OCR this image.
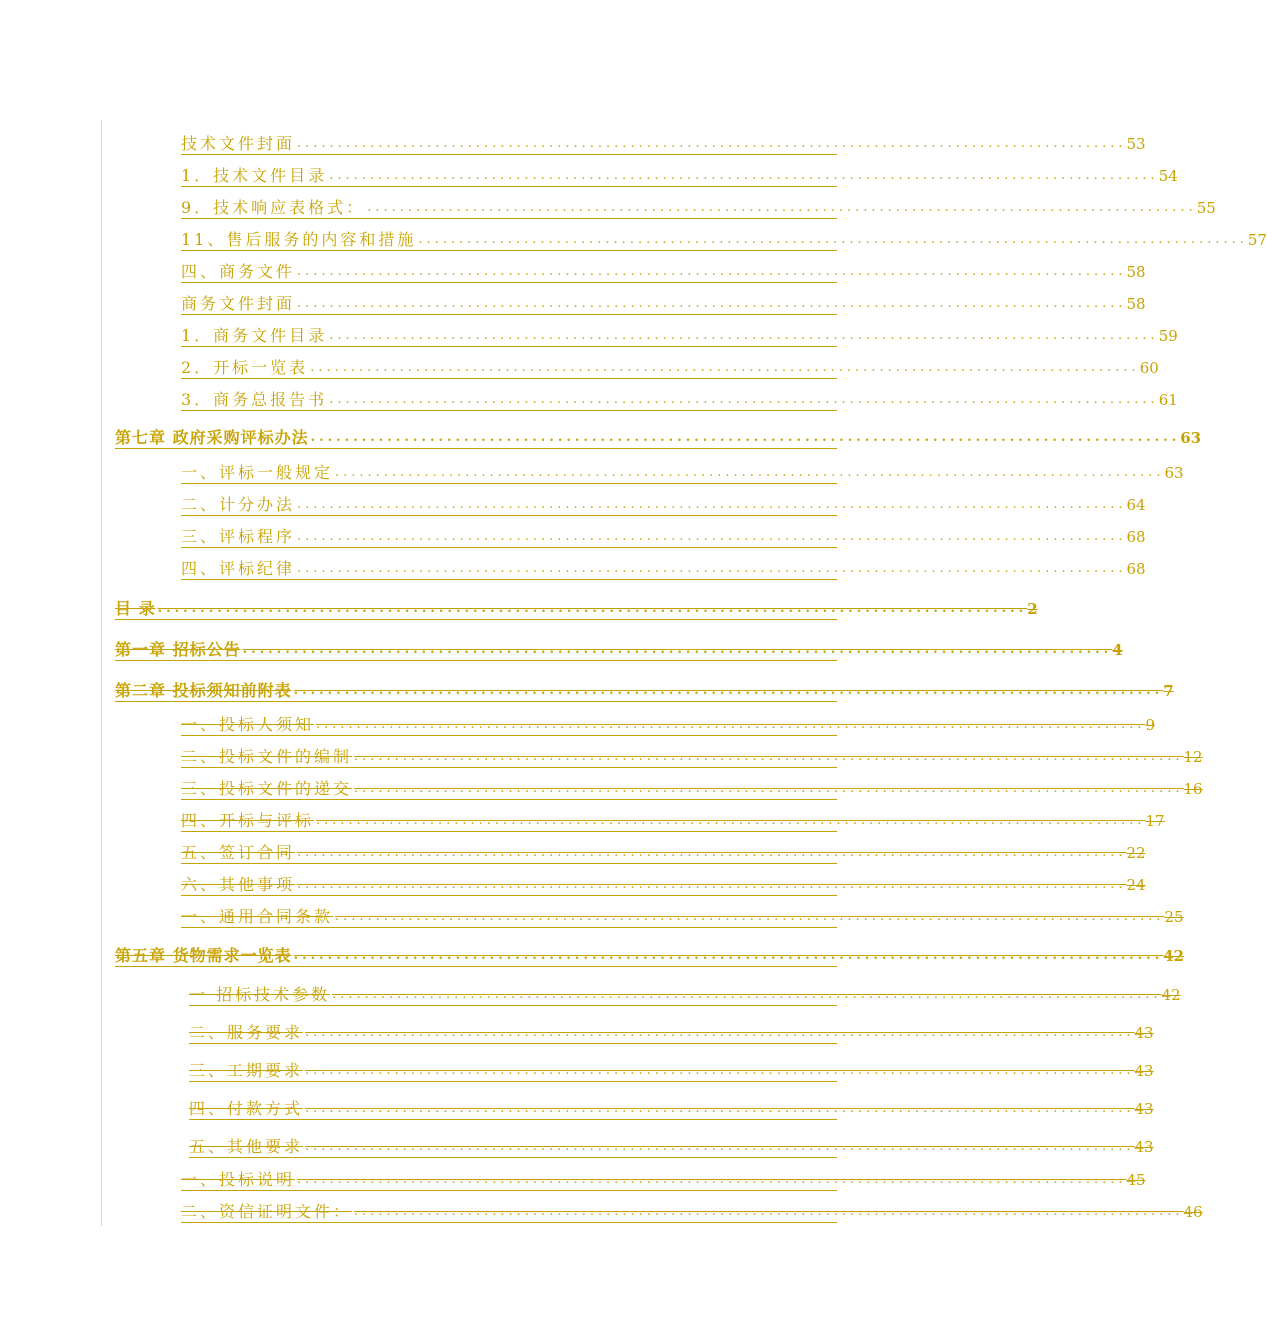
技术文件封面 ...................................................................................................... 53
1．技术文件目录 ...................................................................................................... 54
9．技术响应表格式： ...................................................................................................... 55
11、售后服务的内容和措施 ...................................................................................................... 57
四、商务文件 ...................................................................................................... 58
商务文件封面 ...................................................................................................... 58
1．商务文件目录 ...................................................................................................... 59
2．开标一览表 ...................................................................................................... 60
3．商务总报告书 ...................................................................................................... 61
第七章 政府采购评标办法 ...................................................................................................... 63
一、评标一般规定 ...................................................................................................... 63
二、计分办法 ...................................................................................................... 64
三、评标程序 ...................................................................................................... 68
四、评标纪律 ...................................................................................................... 68
目 录 ...................................................................................................... 2
第一章 招标公告 ...................................................................................................... 4
第二章 投标须知前附表 ...................................................................................................... 7
一、投标人须知 ...................................................................................................... 9
二、投标文件的编制 ...................................................................................................... 12
三、投标文件的递交 ...................................................................................................... 16
四、开标与评标 ...................................................................................................... 17
五、签订合同 ...................................................................................................... 22
六、其他事项 ...................................................................................................... 24
一、通用合同条款 ...................................................................................................... 25
第五章 货物需求一览表 ...................................................................................................... 42
一 招标技术参数 ...................................................................................................... 42
二、服务要求 ...................................................................................................... 43
三、工期要求 ...................................................................................................... 43
四、付款方式 ...................................................................................................... 43
五、其他要求 ...................................................................................................... 43
一、投标说明 ...................................................................................................... 45
二、资信证明文件： ...................................................................................................... 46
